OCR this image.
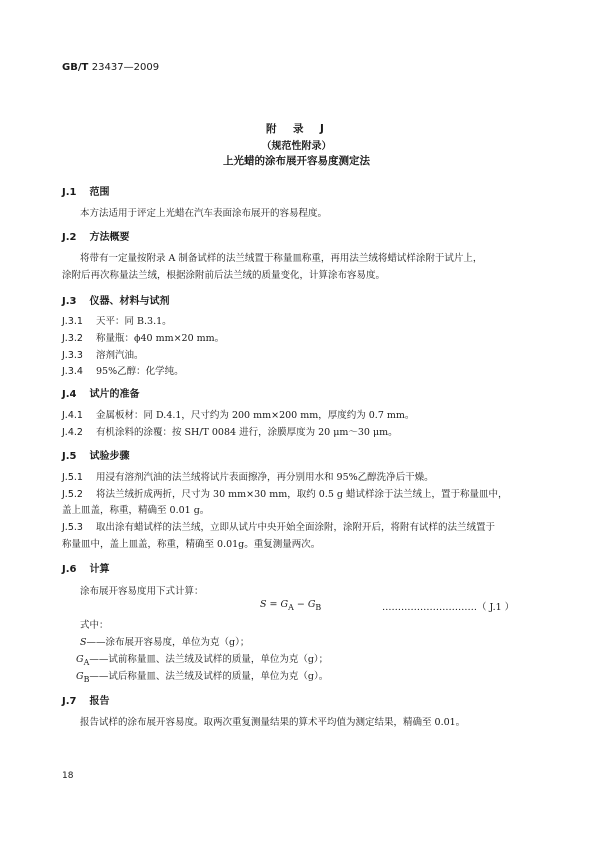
GB/T 23437—2009
附　录　J
（规范性附录）
上光蜡的涂布展开容易度测定法
J.1 范围
本方法适用于评定上光蜡在汽车表面涂布展开的容易程度。
J.2 方法概要
将带有一定量按附录 A 制备试样的法兰绒置于称量皿称重，再用法兰绒将蜡试样涂附于试片上，
涂附后再次称量法兰绒，根据涂附前后法兰绒的质量变化，计算涂布容易度。
J.3 仪器、材料与试剂
J.3.1 天平：同 B.3.1。
J.3.2 称量瓶：ϕ40 mm×20 mm。
J.3.3 溶剂汽油。
J.3.4 95%乙醇：化学纯。
J.4 试片的准备
J.4.1 金属板材：同 D.4.1，尺寸约为 200 mm×200 mm，厚度约为 0.7 mm。
J.4.2 有机涂料的涂覆：按 SH/T 0084 进行，涂膜厚度为 20 μm～30 μm。
J.5 试验步骤
J.5.1 用浸有溶剂汽油的法兰绒将试片表面擦净，再分别用水和 95%乙醇洗净后干燥。
J.5.2 将法兰绒折成两折，尺寸为 30 mm×30 mm，取约 0.5 g 蜡试样涂于法兰绒上，置于称量皿中，
盖上皿盖，称重，精确至 0.01 g。
J.5.3 取出涂有蜡试样的法兰绒，立即从试片中央开始全面涂附，涂附开后，将附有试样的法兰绒置于
称量皿中，盖上皿盖，称重，精确至 0.01g。重复测量两次。
J.6 计算
涂布展开容易度用下式计算：
$S = G_A - G_B$	…………………………（ J.1 ）
式中：
S——涂布展开容易度，单位为克（g）；
$G_A——$试前称量皿、法兰绒及试样的质量，单位为克（g）；
$G_B——$试后称量皿、法兰绒及试样的质量，单位为克（g）。
J.7 报告
报告试样的涂布展开容易度。取两次重复测量结果的算术平均值为测定结果，精确至 0.01。
18
